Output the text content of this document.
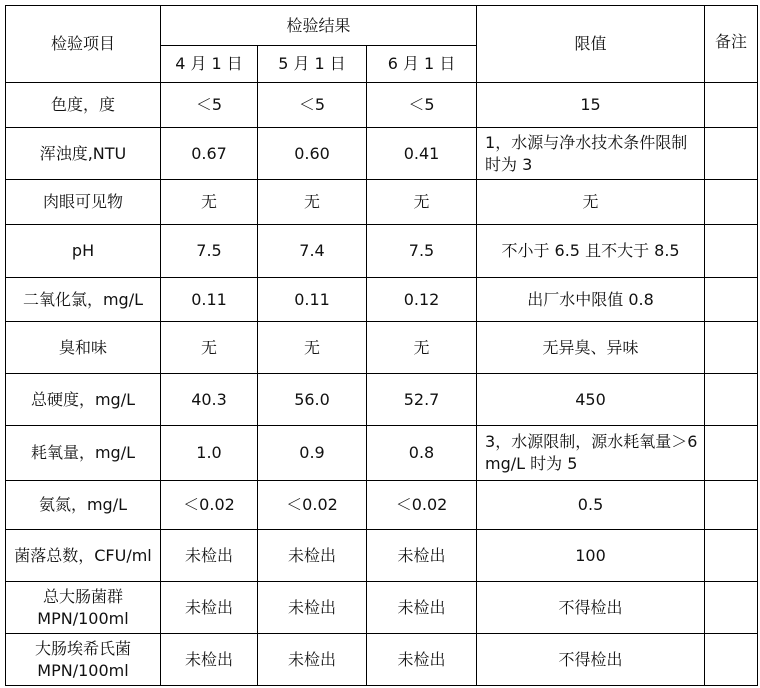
检验项目	检验结果			限值	备注
	4 月 1 日	5 月 1 日	6 月 1 日		
色度，度	＜5	＜5	＜5	15	
浑浊度,NTU	0.67	0.60	0.41	1，水源与净水技术条件限制时为 3	
肉眼可见物	无	无	无	无	
pH	7.5	7.4	7.5	不小于 6.5 且不大于 8.5	
二氧化氯，mg/L	0.11	0.11	0.12	出厂水中限值 0.8	
臭和味	无	无	无	无异臭、异味	
总硬度，mg/L	40.3	56.0	52.7	450	
耗氧量，mg/L	1.0	0.9	0.8	3，水源限制，源水耗氧量＞6 mg/L 时为 5	
氨氮，mg/L	＜0.02	＜0.02	＜0.02	0.5	
菌落总数，CFU/ml	未检出	未检出	未检出	100	
总大肠菌群 MPN/100ml	未检出	未检出	未检出	不得检出	
大肠埃希氏菌 MPN/100ml	未检出	未检出	未检出	不得检出	
